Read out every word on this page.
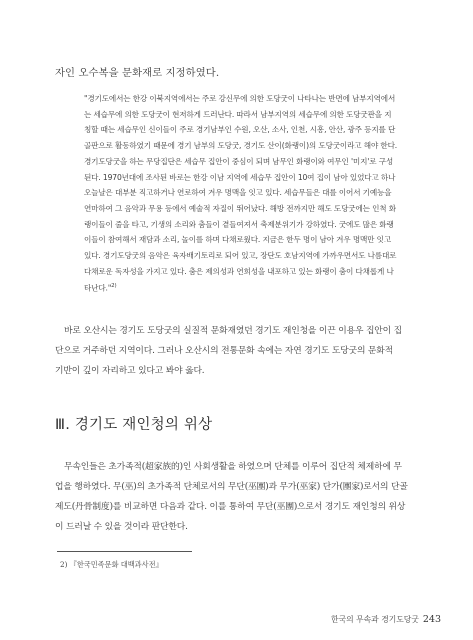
자인 오수복을 문화재로 지정하였다.
"경기도에서는 한강 이북지역에서는 주로 강신무에 의한 도당굿이 나타나는 반면에 남부지역에서
는 세습무에 의한 도당굿이 현저하게 드러난다. 따라서 남부지역의 세습무에 의한 도당굿판을 지
칭할 때는 세습무인 신이들이 주로 경기남부인 수원, 오산, 소사, 인천, 시흥, 안산, 광주 등지를 단
골판으로 활동하였기 때문에 경기 남부의 도당굿, 경기도 산이(화랭이)의 도당굿이라고 해야 한다.
경기도당굿을 하는 무당집단은 세습무 집안이 중심이 되며 남무인 화랭이와 여무인 '미지'로 구성
된다. 1970년대에 조사된 바로는 한강 이남 지역에 세습무 집안이 10여 집이 남아 있었다고 하나
오늘날은 대부분 직고하거나 연로하여 겨우 명맥을 잇고 있다. 세습무들은 대를 이어서 기예능을
연마하여 그 음악과 무용 등에서 예술적 자질이 뛰어났다. 해방 전까지만 해도 도당굿에는 인척 화
랭이들이 줄을 타고, 기생의 소리와 춤들이 곁들여져서 축제분위기가 강하였다. 굿에도 많은 화랭
이들이 참여해서 재담과 소리, 놀이를 하며 다채로웠다. 지금은 한두 명이 남아 겨우 명맥만 잇고
있다. 경기도당굿의 음악은 육자배기토리로 되어 있고, 장단도 호남지역에 가까우면서도 나름대로
다채로운 독자성을 가지고 있다. 춤은 제의성과 연희성을 내포하고 있는 화랭이 춤이 다채롭게 나
타난다."$^{2)}$
바로 오산시는 경기도 도당굿의 실질적 문화재였던 경기도 재인청을 이끈 이용우 집안이 집
단으로 거주하던 지역이다. 그러나 오산시의 전통문화 속에는 자연 경기도 도당굿의 문화적
기반이 깊이 자리하고 있다고 봐야 옳다.
Ⅲ. 경기도 재인청의 위상
무속인들은 초가족적(超家族的)인 사회생활을 하였으며 단체를 이루어 집단적 체제하에 무
업을 행하였다. 무(巫)의 초가족적 단체로서의 무단(巫團)과 무가(巫家) 단가(團家)로서의 단골
제도(丹骨制度)를 비교하면 다음과 같다. 이를 통하여 무단(巫團)으로서 경기도 재인청의 위상
이 드러날 수 있을 것이라 판단한다.
2) 『한국민족문화 대백과사전』
한국의 무속과 경기도당굿 243
